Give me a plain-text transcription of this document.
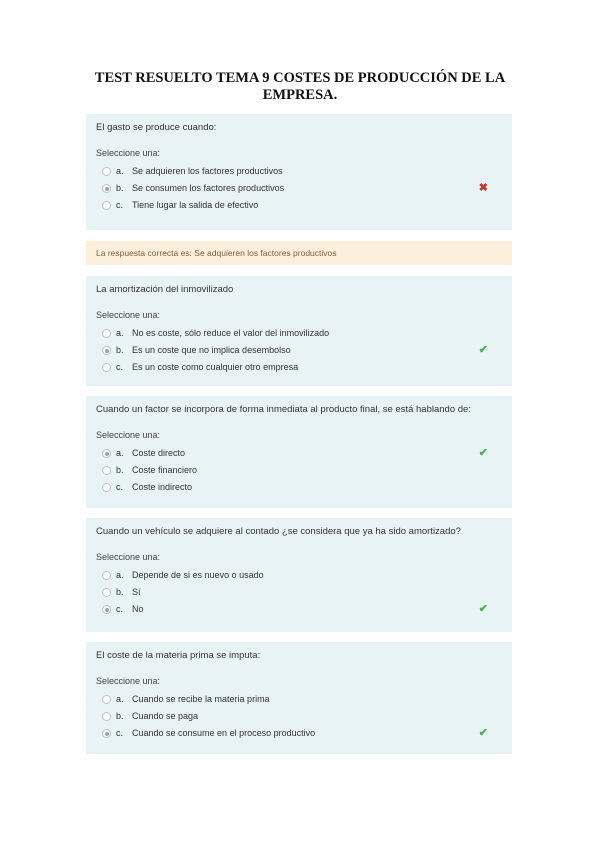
TEST RESUELTO TEMA 9 COSTES DE PRODUCCIÓN DE LA EMPRESA.

El gasto se produce cuando:

Seleccione una:
a. Se adquieren los factores productivos
b. Se consumen los factores productivos	✖
c. Tiene lugar la salida de efectivo
La respuesta correcta es: Se adquieren los factores productivos

La amortización del inmovilizado

Seleccione una:
a. No es coste, sólo reduce el valor del inmovilizado
b. Es un coste que no implica desembolso	✔
c. Es un coste como cualquier otro empresa

Cuando un factor se incorpora de forma inmediata al producto final, se está hablando de:

Seleccione una:
a. Coste directo	✔
b. Coste financiero
c. Coste indirecto

Cuando un vehículo se adquiere al contado ¿se considera que ya ha sido amortizado?

Seleccione una:
a. Depende de si es nuevo o usado
b. Sí
c. No	✔

El coste de la materia prima se imputa:

Seleccione una:
a. Cuando se recibe la materia prima
b. Cuando se paga
c. Cuando se consume en el proceso productivo	✔
